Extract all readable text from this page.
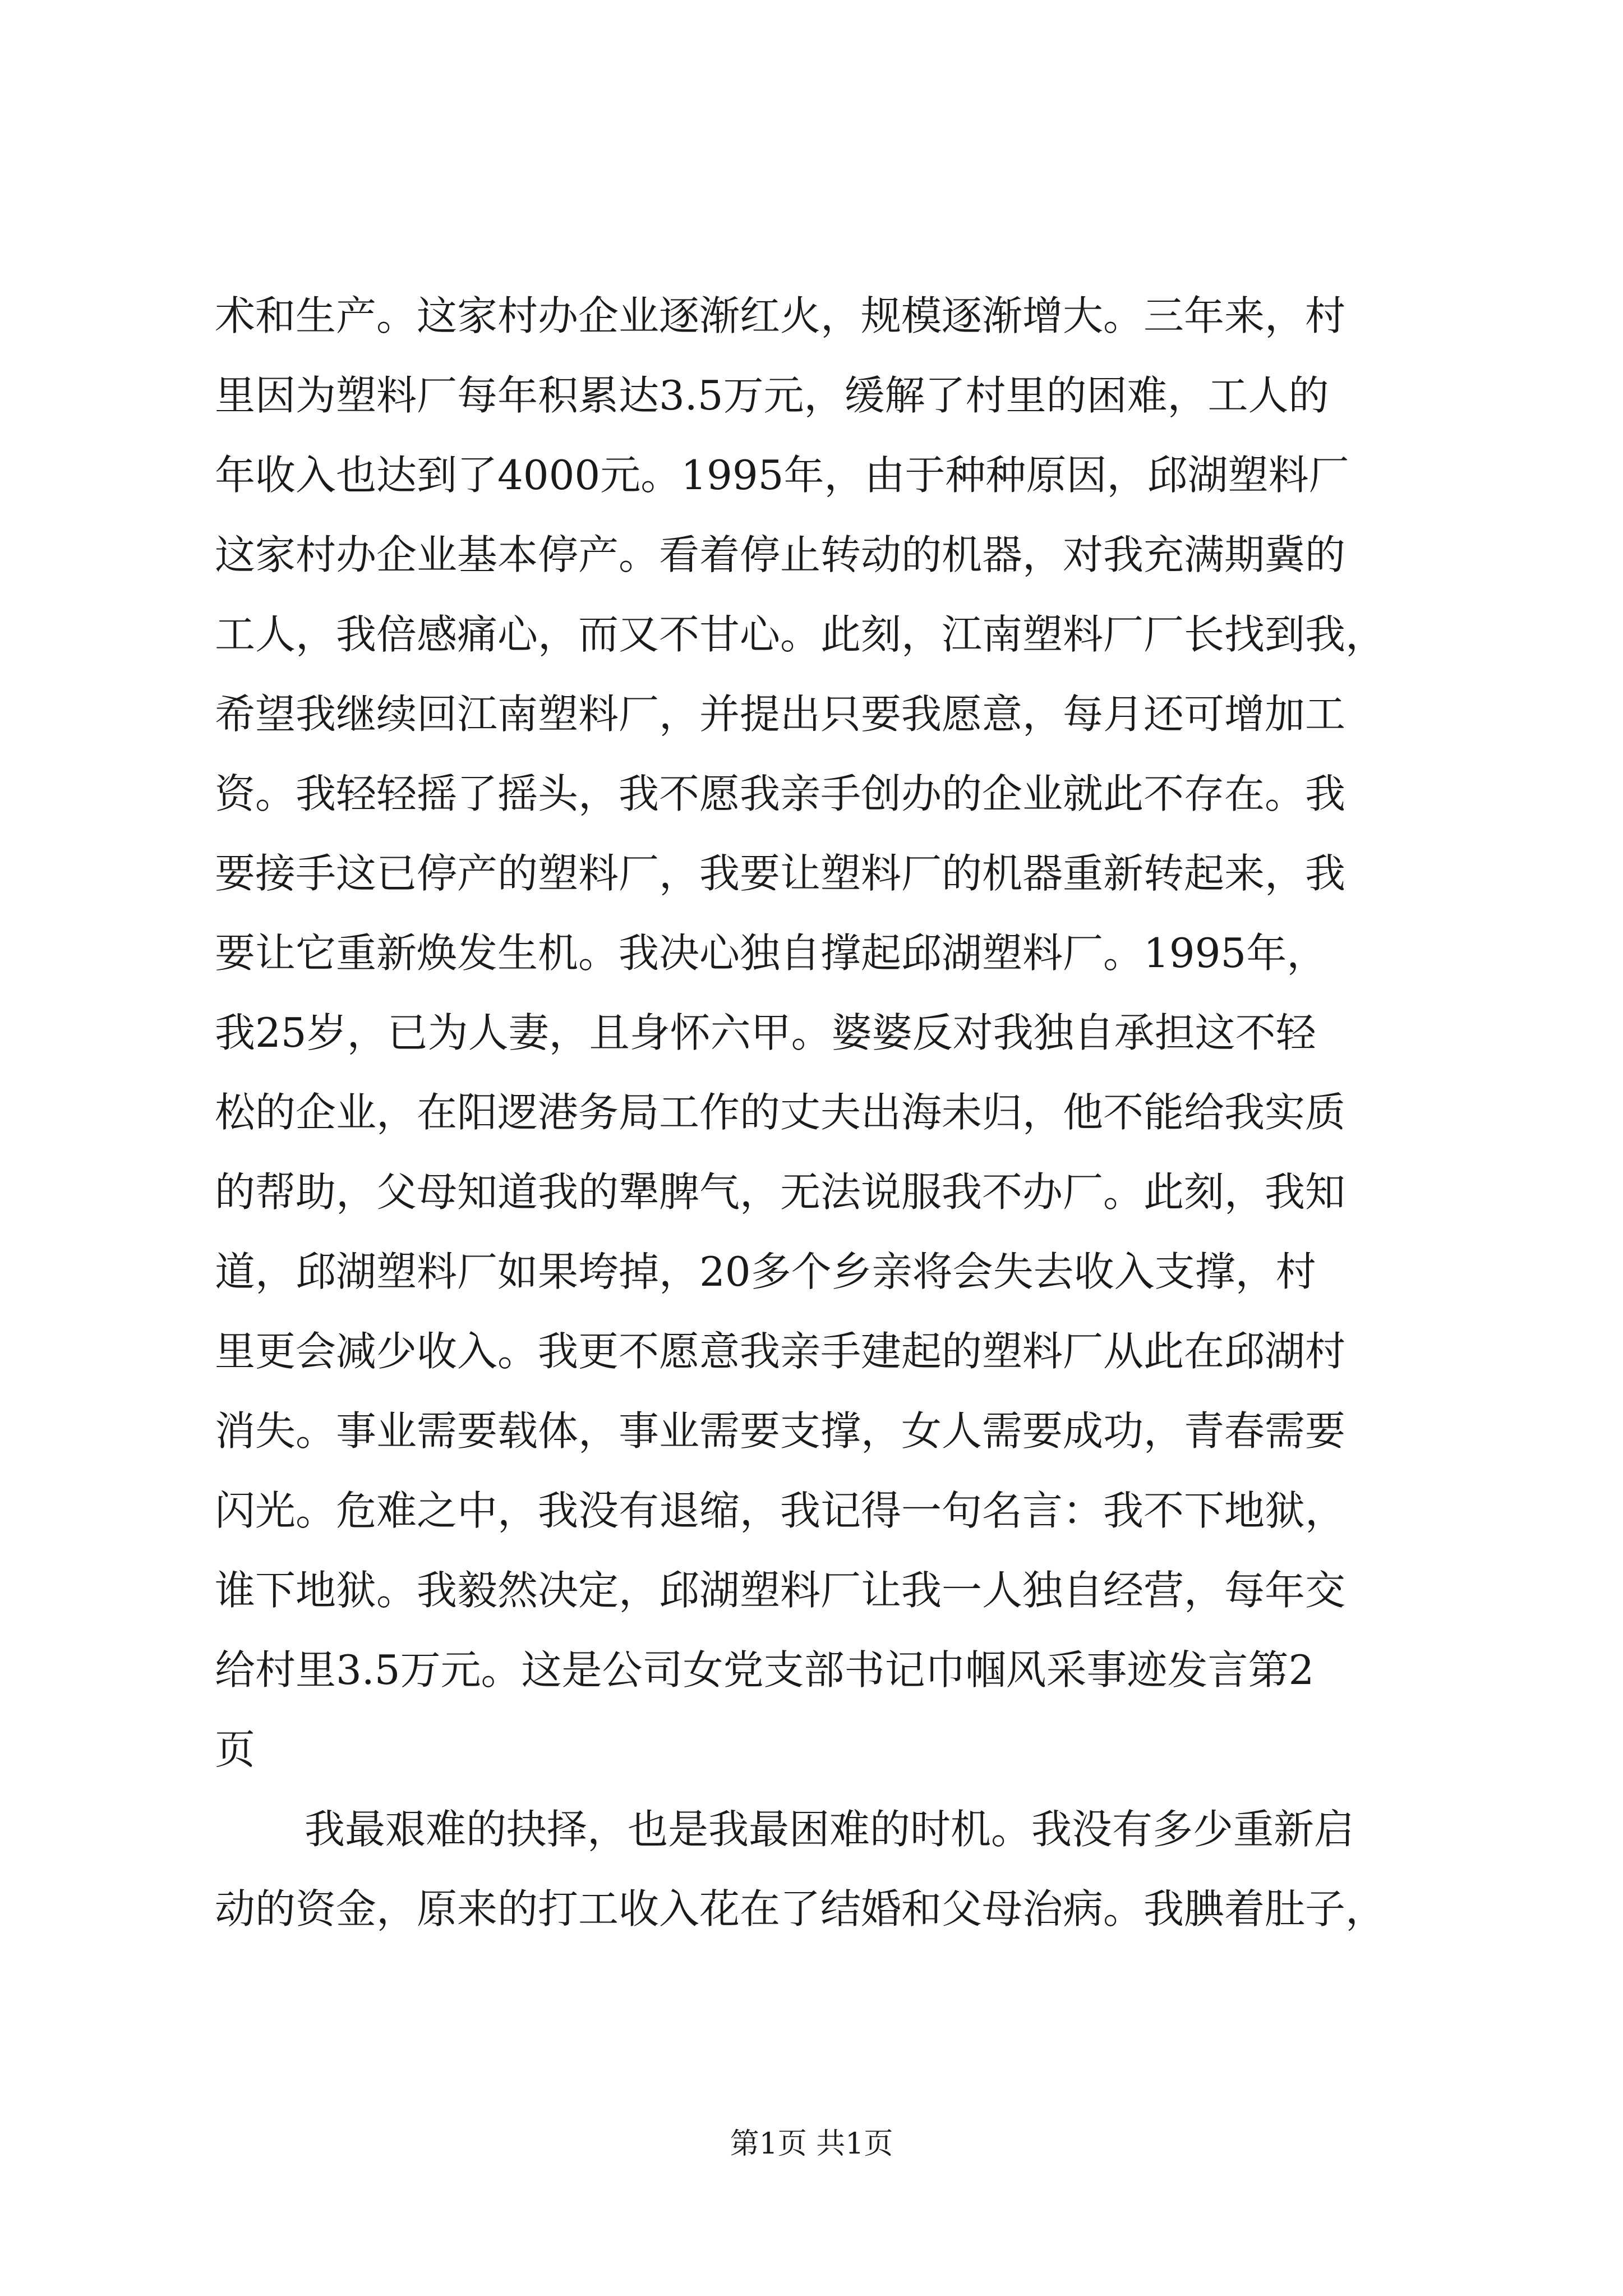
术和生产。这家村办企业逐渐红火，规模逐渐增大。三年来，村
里因为塑料厂每年积累达3.5万元，缓解了村里的困难，工人的
年收入也达到了4000元。1995年，由于种种原因，邱湖塑料厂
这家村办企业基本停产。看着停止转动的机器，对我充满期冀的
工人，我倍感痛心，而又不甘心。此刻，江南塑料厂厂长找到我，
希望我继续回江南塑料厂，并提出只要我愿意，每月还可增加工
资。我轻轻摇了摇头，我不愿我亲手创办的企业就此不存在。我
要接手这已停产的塑料厂，我要让塑料厂的机器重新转起来，我
要让它重新焕发生机。我决心独自撑起邱湖塑料厂。1995年，
我25岁，已为人妻，且身怀六甲。婆婆反对我独自承担这不轻
松的企业，在阳逻港务局工作的丈夫出海未归，他不能给我实质
的帮助，父母知道我的犟脾气，无法说服我不办厂。此刻，我知
道，邱湖塑料厂如果垮掉，20多个乡亲将会失去收入支撑，村
里更会减少收入。我更不愿意我亲手建起的塑料厂从此在邱湖村
消失。事业需要载体，事业需要支撑，女人需要成功，青春需要
闪光。危难之中，我没有退缩，我记得一句名言：我不下地狱，
谁下地狱。我毅然决定，邱湖塑料厂让我一人独自经营，每年交
给村里3.5万元。这是公司女党支部书记巾帼风采事迹发言第2
页
我最艰难的抉择，也是我最困难的时机。我没有多少重新启
动的资金，原来的打工收入花在了结婚和父母治病。我腆着肚子，
第1页 共1页
